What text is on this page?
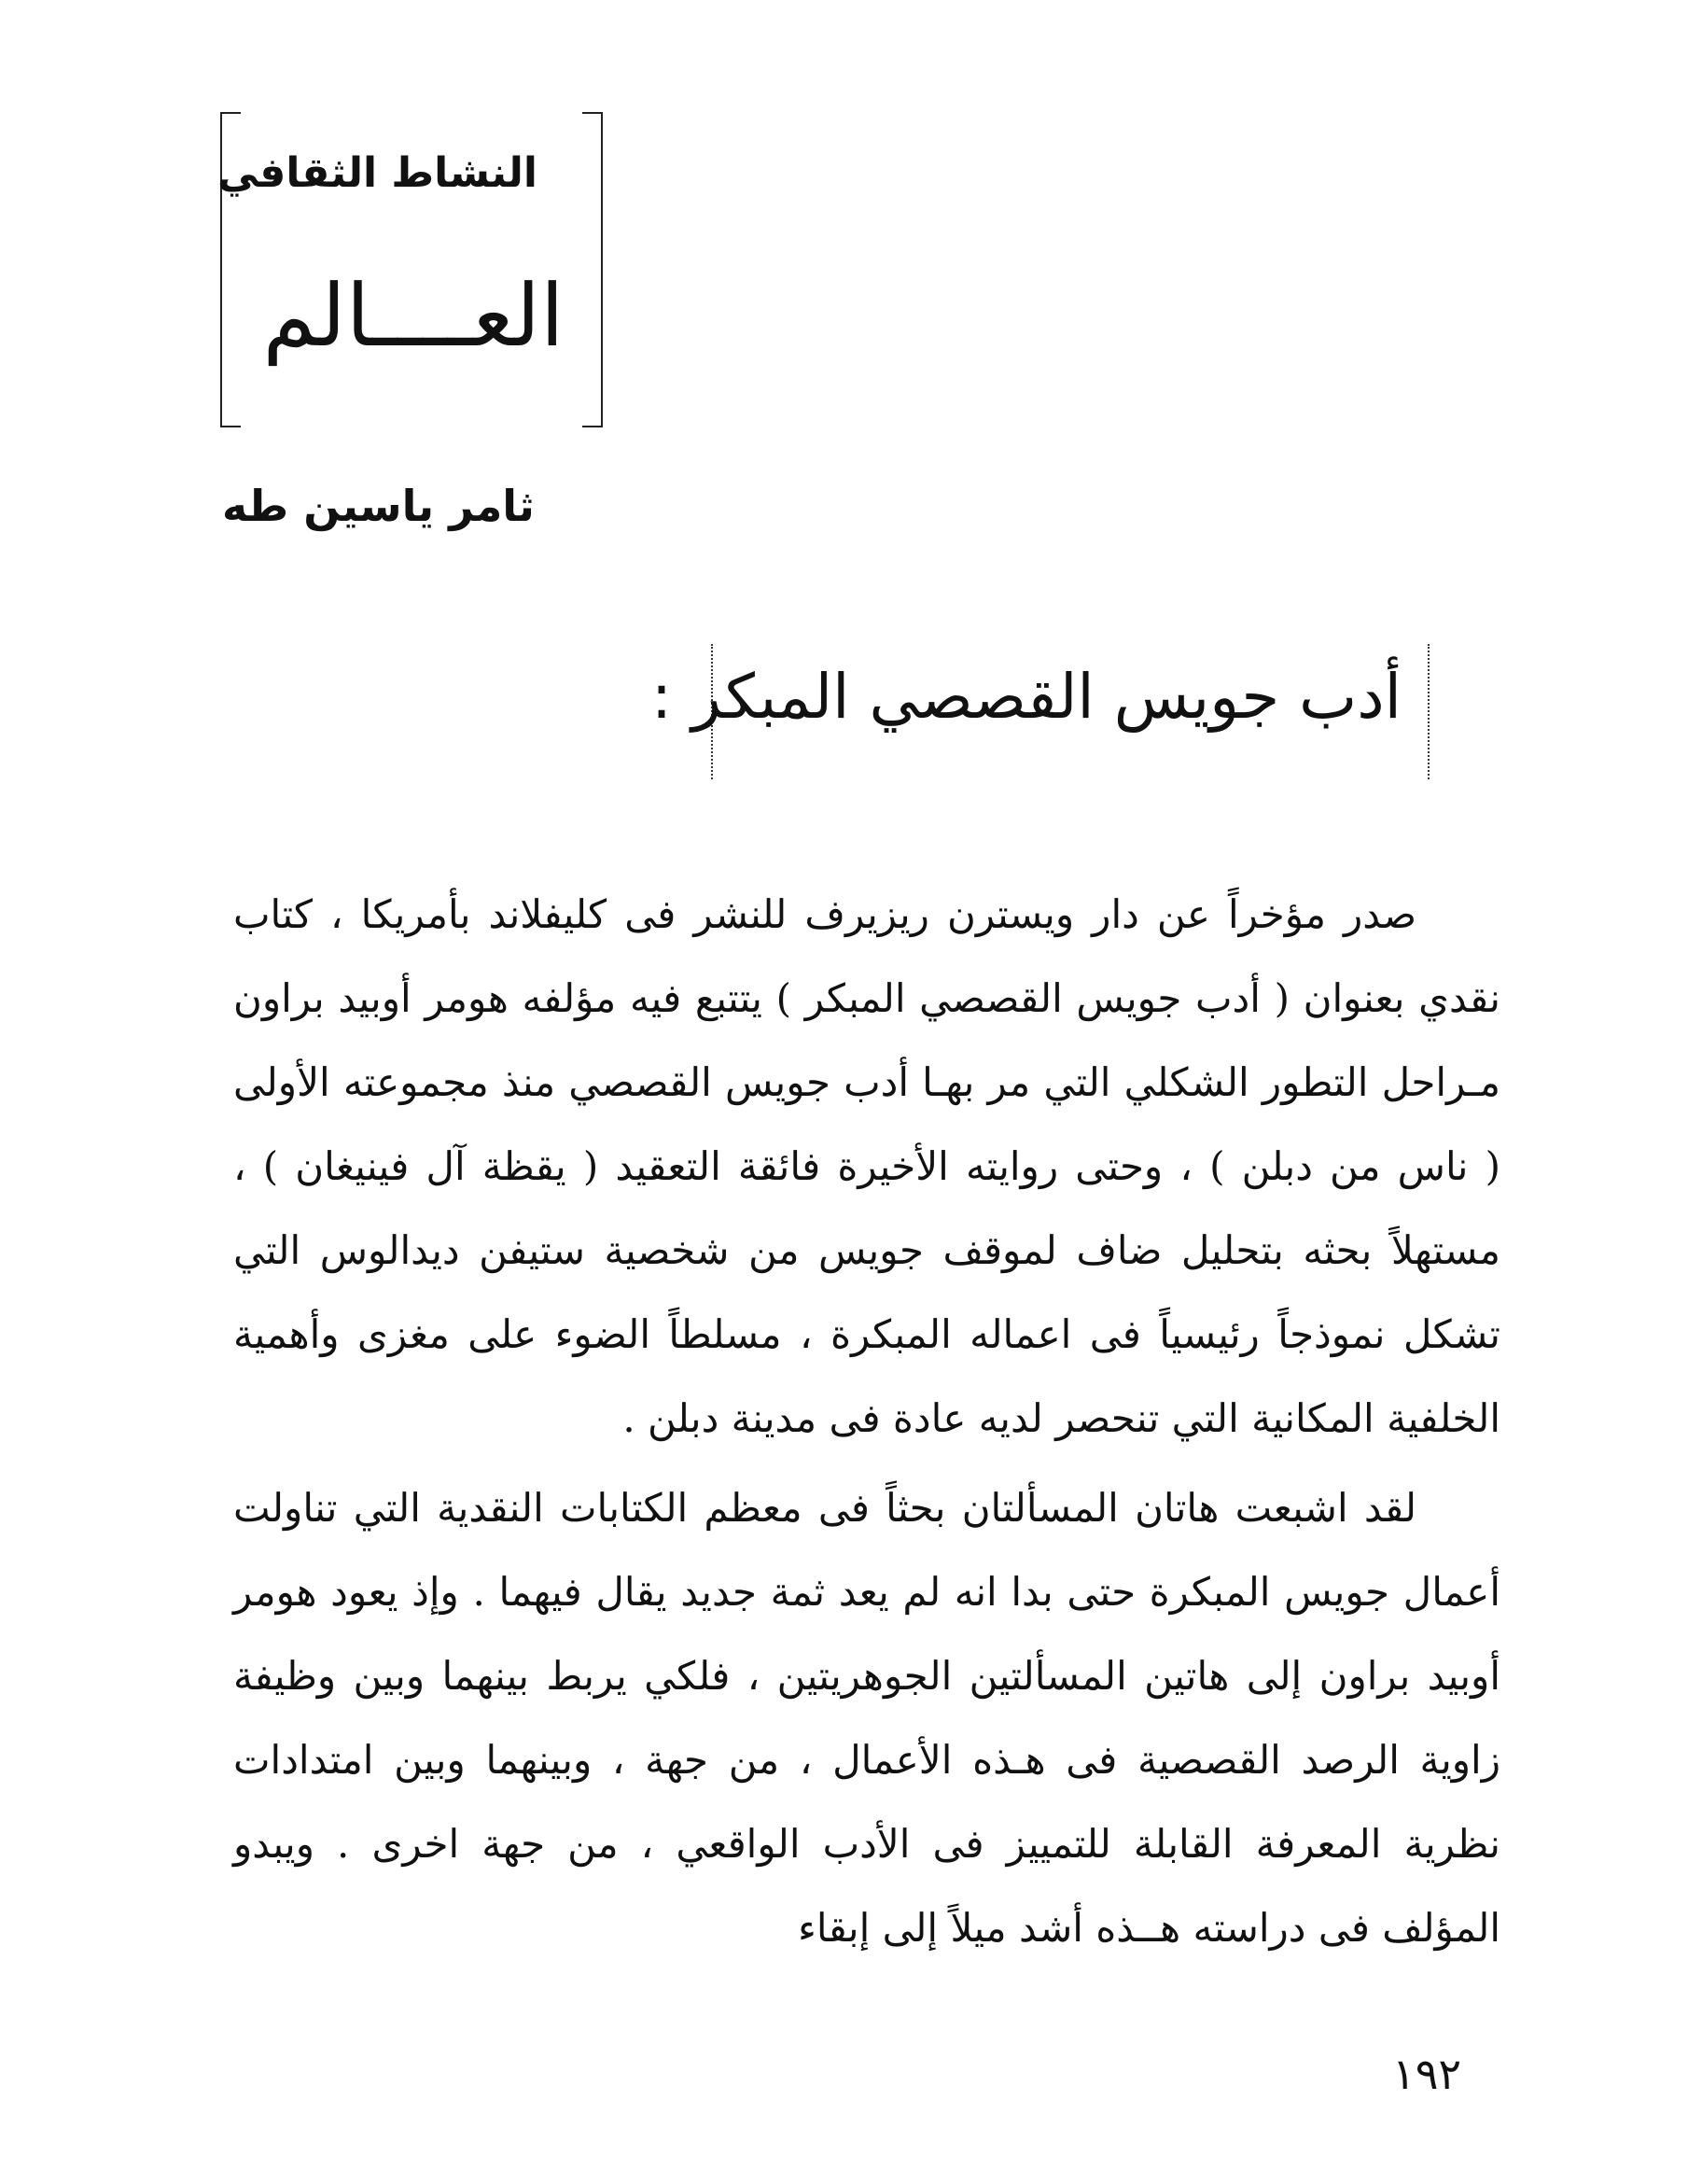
النشاط الثقافي
العــــالم
ثامر ياسين طه
أدب جويس القصصي المبكر :

صدر مؤخراً عن دار ويسترن ريزيرف للنشر فى كليفلاند بأمريكا ، كتاب نقدي بعنوان ( أدب جويس القصصي المبكر ) يتتبع فيه مؤلفه هومر أوبيد براون مـراحل التطور الشكلي التي مر بهـا أدب جويس القصصي منذ مجموعته الأولى ( ناس من دبلن ) ، وحتى روايته الأخيرة فائقة التعقيد ( يقظة آل فينيغان ) ، مستهلاً بحثه بتحليل ضاف لموقف جويس من شخصية ستيفن ديدالوس التي تشكل نموذجاً رئيسياً فى اعماله المبكرة ، مسلطاً الضوء على مغزى وأهمية الخلفية المكانية التي تنحصر لديه عادة فى مدينة دبلن .

لقد اشبعت هاتان المسألتان بحثاً فى معظم الكتابات النقدية التي تناولت أعمال جويس المبكرة حتى بدا انه لم يعد ثمة جديد يقال فيهما . وإذ يعود هومر أوبيد براون إلى هاتين المسألتين الجوهريتين ، فلكي يربط بينهما وبين وظيفة زاوية الرصد القصصية فى هـذه الأعمال ، من جهة ، وبينهما وبين امتدادات نظرية المعرفة القابلة للتمييز فى الأدب الواقعي ، من جهة اخرى . ويبدو المؤلف فى دراسته هــذه أشد ميلاً إلى إبقاء

١٩٢
